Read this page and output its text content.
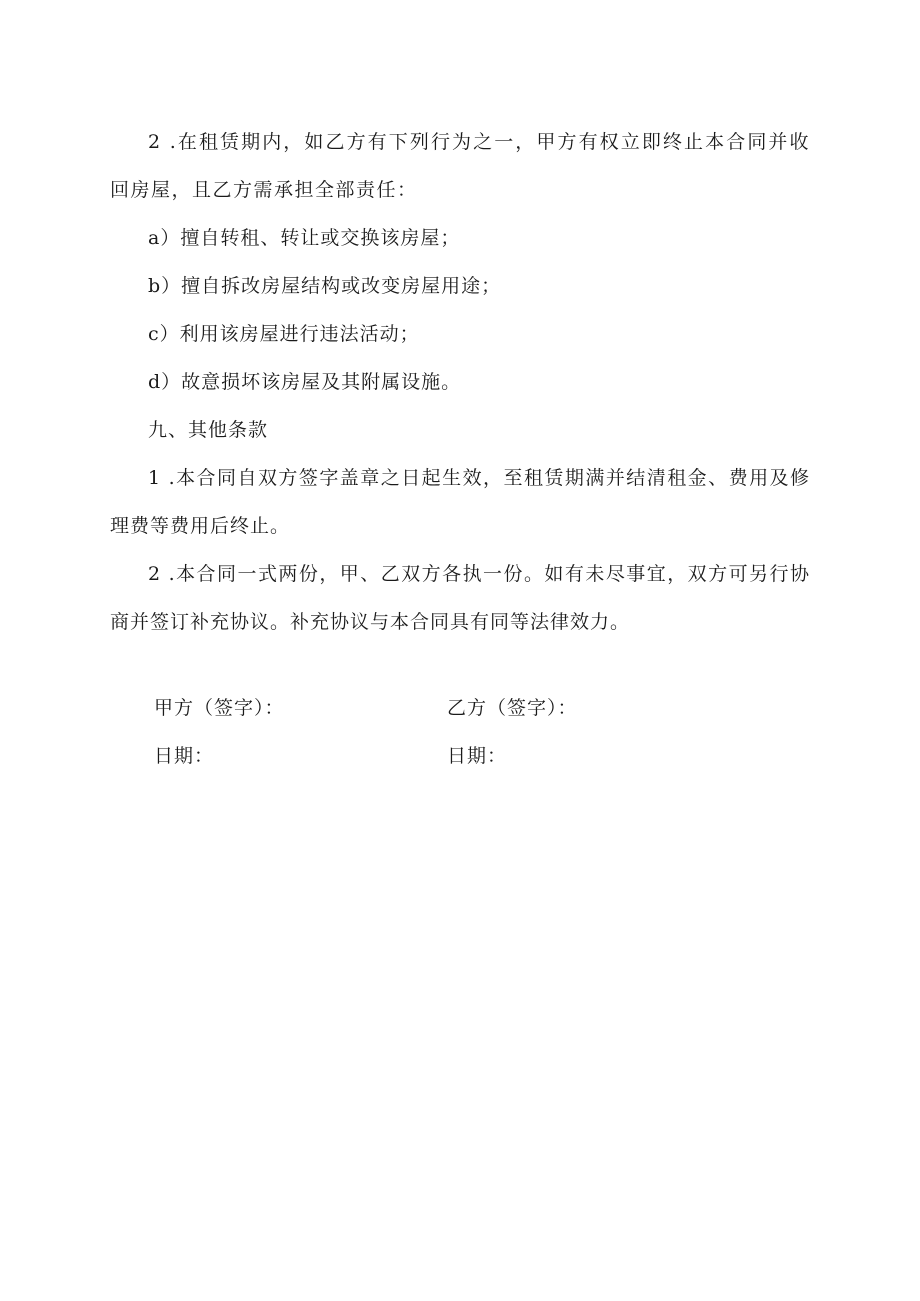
2 .在租赁期内，如乙方有下列行为之一，甲方有权立即终止本合同并收回房屋，且乙方需承担全部责任：

a）擅自转租、转让或交换该房屋；

b）擅自拆改房屋结构或改变房屋用途；

c）利用该房屋进行违法活动；

d）故意损坏该房屋及其附属设施。

九、其他条款

1 .本合同自双方签字盖章之日起生效，至租赁期满并结清租金、费用及修理费等费用后终止。

2 .本合同一式两份，甲、乙双方各执一份。如有未尽事宜，双方可另行协商并签订补充协议。补充协议与本合同具有同等法律效力。

甲方（签字）：	乙方（签字）：
日期：	日期：
